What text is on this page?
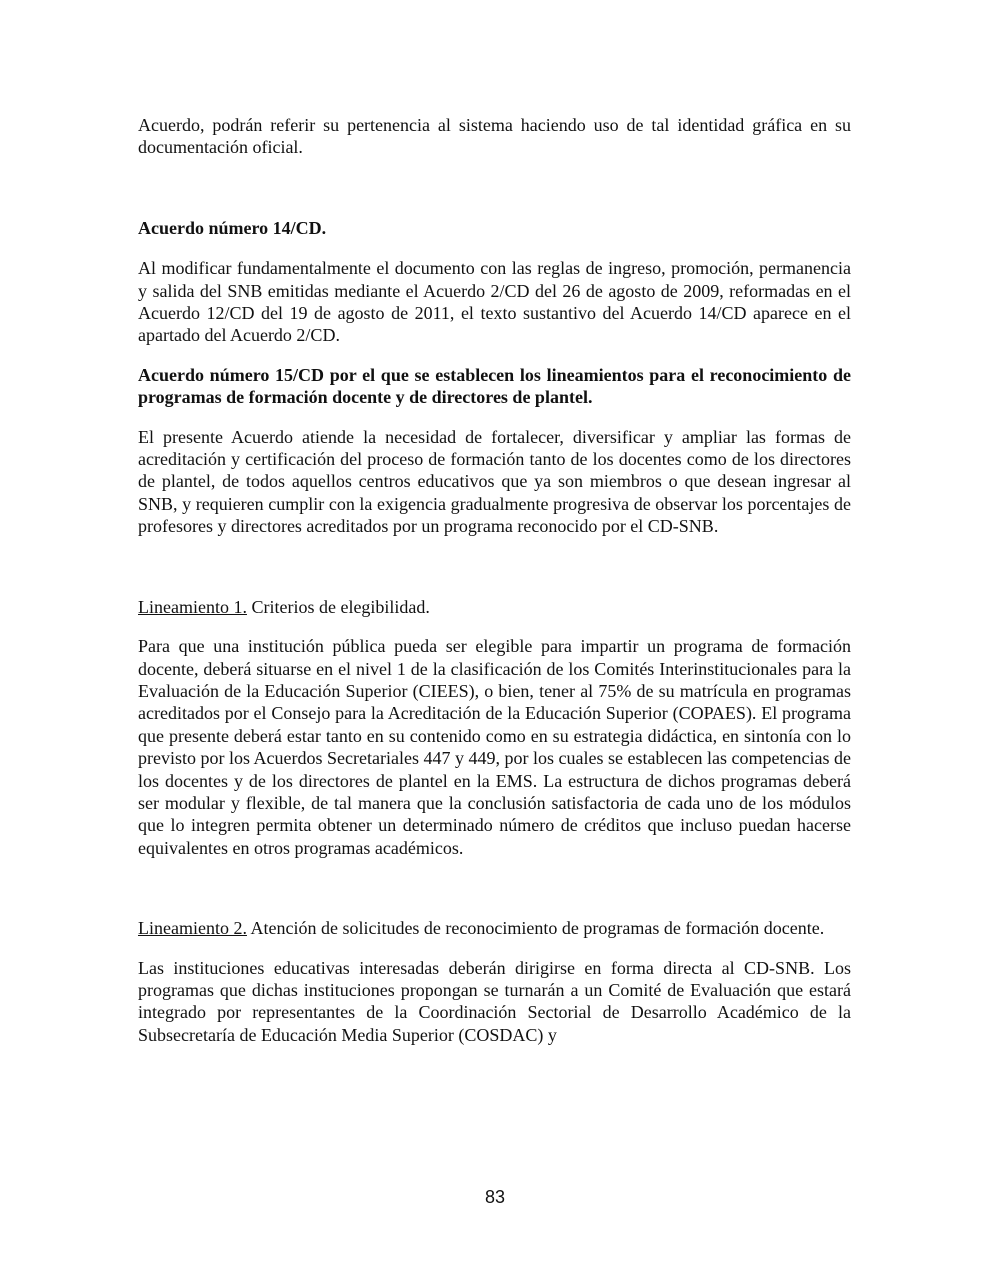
Acuerdo, podrán referir su pertenencia al sistema haciendo uso de tal identidad gráfica en su documentación oficial.

Acuerdo número 14/CD.

Al modificar fundamentalmente el documento con las reglas de ingreso, promoción, permanencia y salida del SNB emitidas mediante el Acuerdo 2/CD del 26 de agosto de 2009, reformadas en el Acuerdo 12/CD del 19 de agosto de 2011, el texto sustantivo del Acuerdo 14/CD aparece en el apartado del Acuerdo 2/CD.

Acuerdo número 15/CD por el que se establecen los lineamientos para el reconocimiento de programas de formación docente y de directores de plantel.

El presente Acuerdo atiende la necesidad de fortalecer, diversificar y ampliar las formas de acreditación y certificación del proceso de formación tanto de los docentes como de los directores de plantel, de todos aquellos centros educativos que ya son miembros o que desean ingresar al SNB, y requieren cumplir con la exigencia gradualmente progresiva de observar los porcentajes de profesores y directores acreditados por un programa reconocido por el CD-SNB.

Lineamiento 1. Criterios de elegibilidad.

Para que una institución pública pueda ser elegible para impartir un programa de formación docente, deberá situarse en el nivel 1 de la clasificación de los Comités Interinstitucionales para la Evaluación de la Educación Superior (CIEES), o bien, tener al 75% de su matrícula en programas acreditados por el Consejo para la Acreditación de la Educación Superior (COPAES). El programa que presente deberá estar tanto en su contenido como en su estrategia didáctica, en sintonía con lo previsto por los Acuerdos Secretariales 447 y 449, por los cuales se establecen las competencias de los docentes y de los directores de plantel en la EMS. La estructura de dichos programas deberá ser modular y flexible, de tal manera que la conclusión satisfactoria de cada uno de los módulos que lo integren permita obtener un determinado número de créditos que incluso puedan hacerse equivalentes en otros programas académicos.

Lineamiento 2. Atención de solicitudes de reconocimiento de programas de formación docente.

Las instituciones educativas interesadas deberán dirigirse en forma directa al CD-SNB. Los programas que dichas instituciones propongan se turnarán a un Comité de Evaluación que estará integrado por representantes de la Coordinación Sectorial de Desarrollo Académico de la Subsecretaría de Educación Media Superior (COSDAC) y

83
